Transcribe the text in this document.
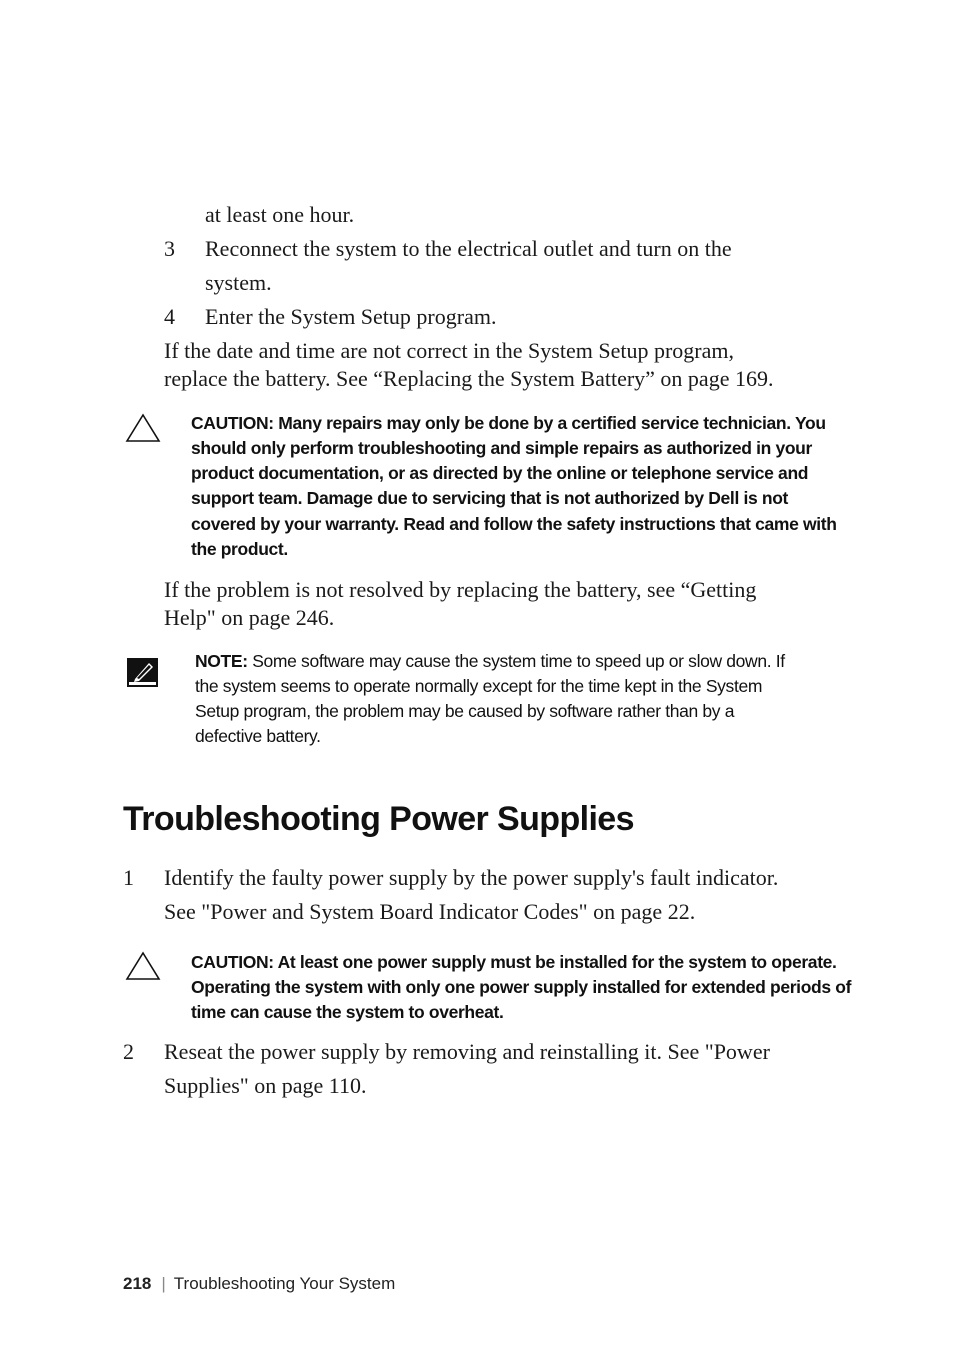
at least one hour.
3 Reconnect the system to the electrical outlet and turn on the
system.
4 Enter the System Setup program.
If the date and time are not correct in the System Setup program,
replace the battery. See “Replacing the System Battery” on page 169.
CAUTION: Many repairs may only be done by a certified service technician. You
should only perform troubleshooting and simple repairs as authorized in your
product documentation, or as directed by the online or telephone service and
support team. Damage due to servicing that is not authorized by Dell is not
covered by your warranty. Read and follow the safety instructions that came with
the product.
If the problem is not resolved by replacing the battery, see “Getting
Help" on page 246.
NOTE: Some software may cause the system time to speed up or slow down. If
the system seems to operate normally except for the time kept in the System
Setup program, the problem may be caused by software rather than by a
defective battery.
Troubleshooting Power Supplies
1 Identify the faulty power supply by the power supply's fault indicator.
See "Power and System Board Indicator Codes" on page 22.
CAUTION: At least one power supply must be installed for the system to operate.
Operating the system with only one power supply installed for extended periods of
time can cause the system to overheat.
2 Reseat the power supply by removing and reinstalling it. See "Power
Supplies" on page 110.
218 | Troubleshooting Your System
